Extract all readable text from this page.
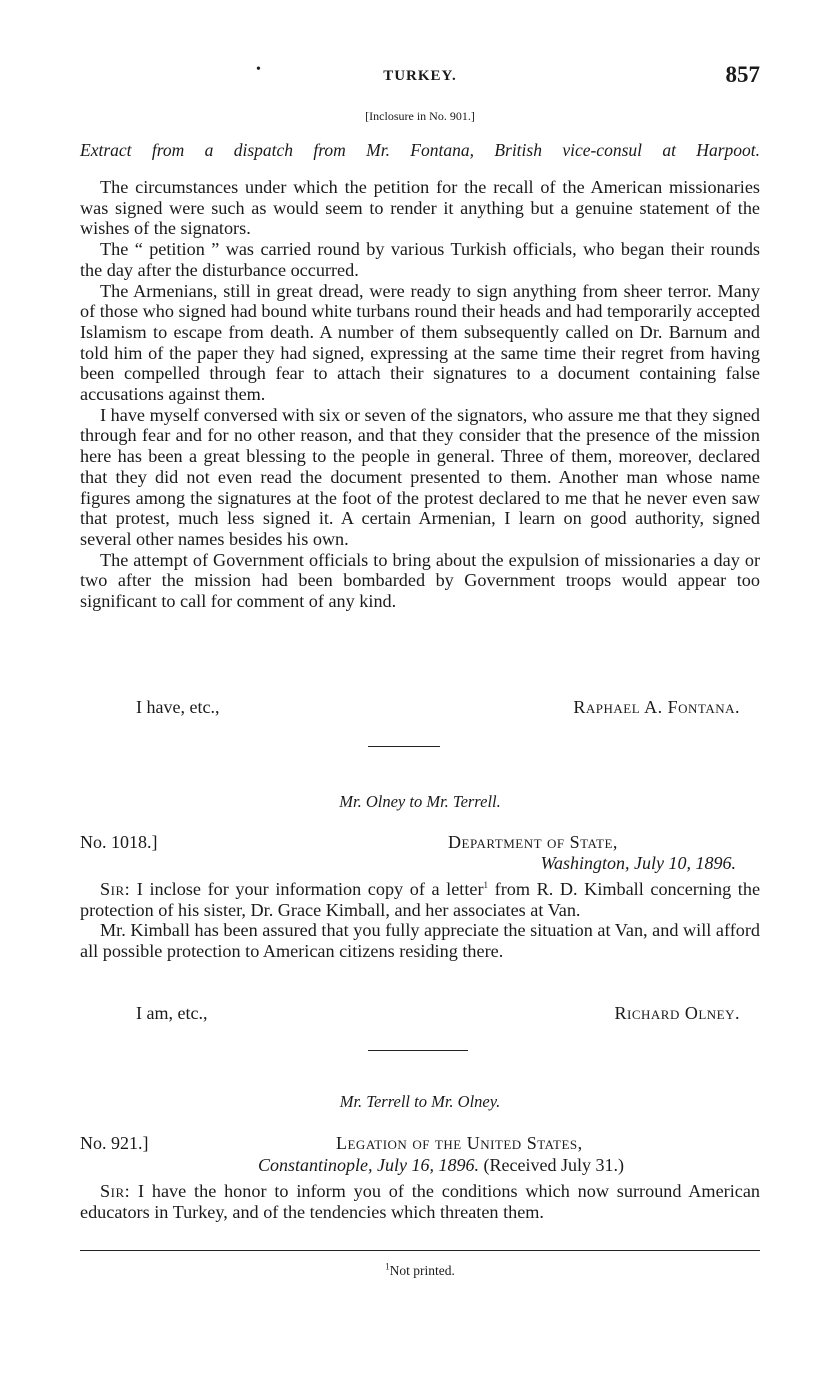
•	TURKEY.	857
[Inclosure in No. 901.]
Extract from a dispatch from Mr. Fontana, British vice-consul at Harpoot.

The circumstances under which the petition for the recall of the American missionaries was signed were such as would seem to render it anything but a genuine statement of the wishes of the signators.

The “ petition ” was carried round by various Turkish officials, who began their rounds the day after the disturbance occurred.

The Armenians, still in great dread, were ready to sign anything from sheer terror. Many of those who signed had bound white turbans round their heads and had temporarily accepted Islamism to escape from death. A number of them subsequently called on Dr. Barnum and told him of the paper they had signed, expressing at the same time their regret from having been compelled through fear to attach their signatures to a document containing false accusations against them.

I have myself conversed with six or seven of the signators, who assure me that they signed through fear and for no other reason, and that they consider that the presence of the mission here has been a great blessing to the people in general. Three of them, moreover, declared that they did not even read the document presented to them. Another man whose name figures among the signatures at the foot of the protest declared to me that he never even saw that protest, much less signed it. A certain Armenian, I learn on good authority, signed several other names besides his own.

The attempt of Government officials to bring about the expulsion of missionaries a day or two after the mission had been bombarded by Government troops would appear too significant to call for comment of any kind.

I have, etc.,	Raphael A. Fontana.
Mr. Olney to Mr. Terrell.
No. 1018.]	Department of State,
Washington, July 10, 1896.

Sir: I inclose for your information copy of a letter$^1$ from R. D. Kimball concerning the protection of his sister, Dr. Grace Kimball, and her associates at Van.

Mr. Kimball has been assured that you fully appreciate the situation at Van, and will afford all possible protection to American citizens residing there.

I am, etc.,	Richard Olney.
Mr. Terrell to Mr. Olney.
No. 921.]	Legation of the United States,
Constantinople, July 16, 1896. (Received July 31.)

Sir: I have the honor to inform you of the conditions which now surround American educators in Turkey, and of the tendencies which threaten them.

$^1$Not printed.
